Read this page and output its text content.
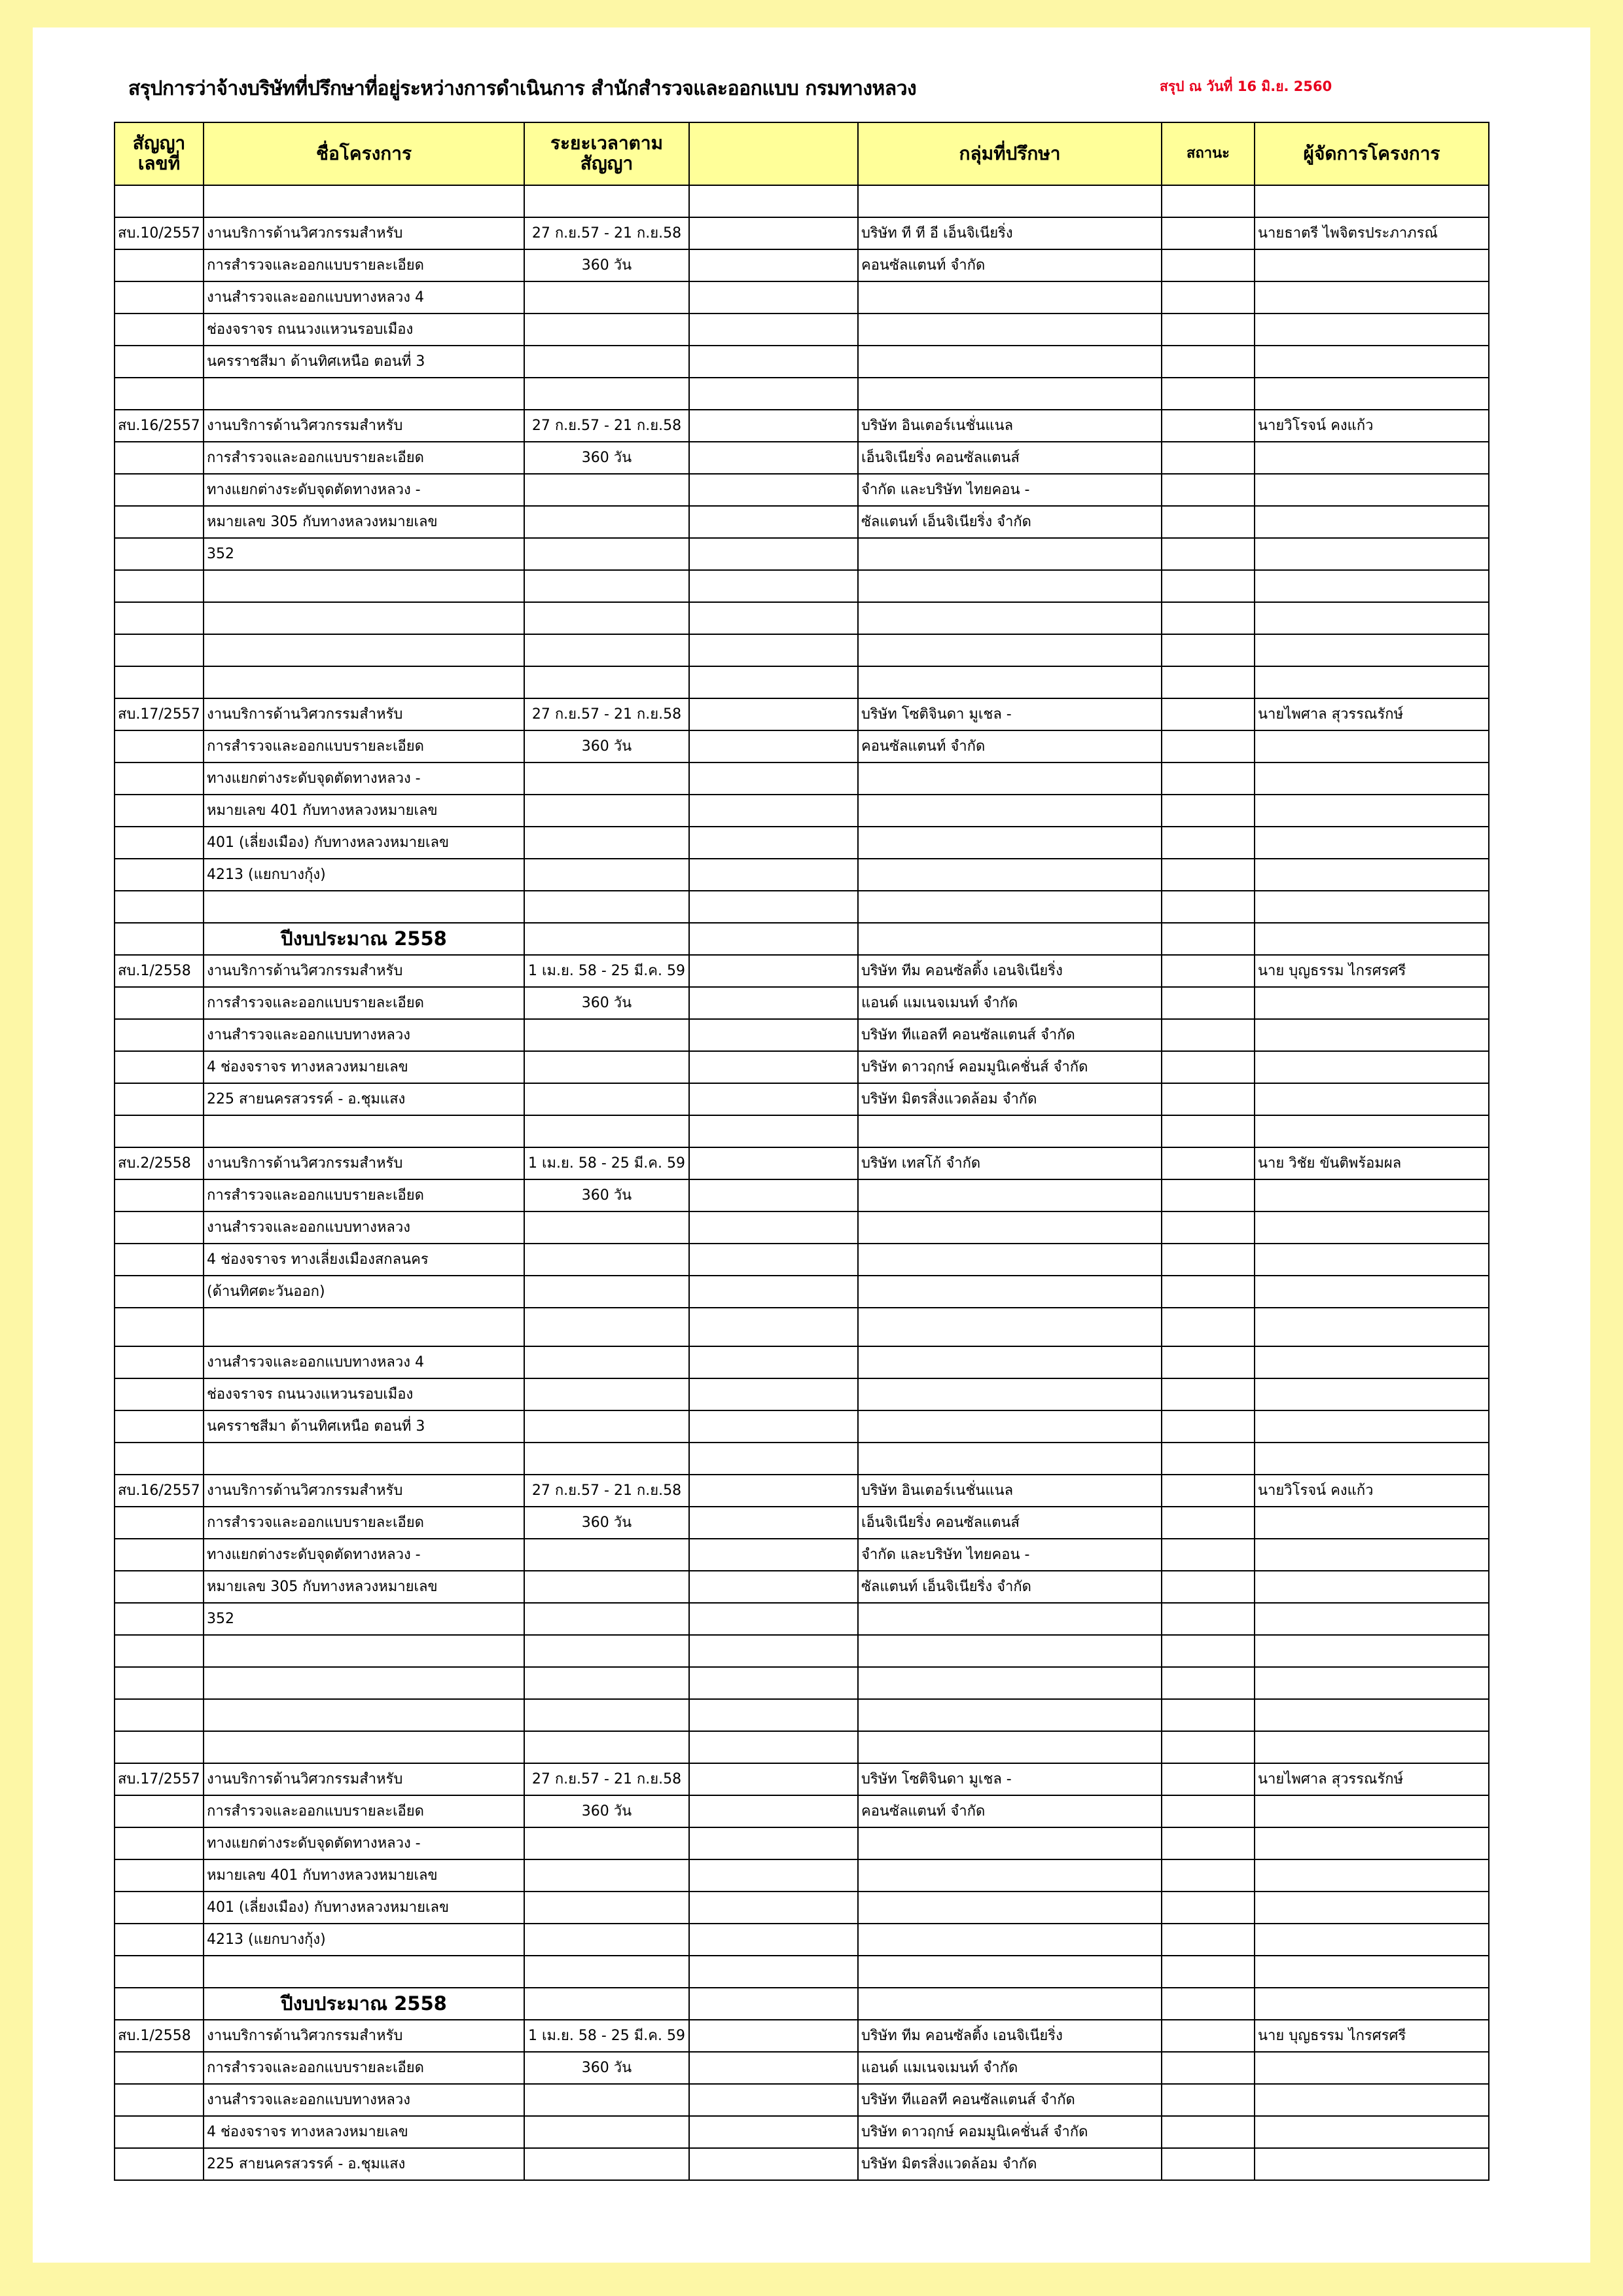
สรุปการว่าจ้างบริษัทที่ปรึกษาที่อยู่ระหว่างการดำเนินการ สำนักสำรวจและออกแบบ กรมทางหลวง	สรุป ณ วันที่ 16 มิ.ย. 2560
สัญญา เลขที่	ชื่อโครงการ	ระยะเวลาตามสัญญา		กลุ่มที่ปรึกษา	สถานะ	ผู้จัดการโครงการ

สบ.10/2557	งานบริการด้านวิศวกรรมสำหรับ	27 ก.ย.57 - 21 ก.ย.58		บริษัท ที ที อี เอ็นจิเนียริ่ง		นายธาตรี ไพจิตรประภาภรณ์
	การสำรวจและออกแบบรายละเอียด	360 วัน		คอนซัลแตนท์ จำกัด		
	งานสำรวจและออกแบบทางหลวง 4					
	ช่องจราจร ถนนวงแหวนรอบเมือง					
	นครราชสีมา ด้านทิศเหนือ ตอนที่ 3					

สบ.16/2557	งานบริการด้านวิศวกรรมสำหรับ	27 ก.ย.57 - 21 ก.ย.58		บริษัท อินเตอร์เนชั่นแนล		นายวิโรจน์ คงแก้ว
	การสำรวจและออกแบบรายละเอียด	360 วัน		เอ็นจิเนียริ่ง คอนซัลแตนส์		
	ทางแยกต่างระดับจุดตัดทางหลวง -			จำกัด และบริษัท ไทยคอน -		
	หมายเลข 305 กับทางหลวงหมายเลข			ซัลแตนท์ เอ็นจิเนียริ่ง จำกัด		
	352					

สบ.17/2557	งานบริการด้านวิศวกรรมสำหรับ	27 ก.ย.57 - 21 ก.ย.58		บริษัท โซติจินดา มูเชล -		นายไพศาล สุวรรณรักษ์
	การสำรวจและออกแบบรายละเอียด	360 วัน		คอนซัลแตนท์ จำกัด		
	ทางแยกต่างระดับจุดตัดทางหลวง -					
	หมายเลข 401 กับทางหลวงหมายเลข					
	401 (เลี่ยงเมือง) กับทางหลวงหมายเลข					
	4213 (แยกบางกุ้ง)					

	ปีงบประมาณ 2558					
สบ.1/2558	งานบริการด้านวิศวกรรมสำหรับ	1 เม.ย. 58 - 25 มี.ค. 59		บริษัท ทีม คอนซัลติ้ง เอนจิเนียริ่ง		นาย บุญธรรม ไกรศรศรี
	การสำรวจและออกแบบรายละเอียด	360 วัน		แอนด์ แมเนจเมนท์ จำกัด		
	งานสำรวจและออกแบบทางหลวง			บริษัท ทีแอลที คอนซัลแตนส์ จำกัด		
	4 ช่องจราจร ทางหลวงหมายเลข			บริษัท ดาวฤกษ์ คอมมูนิเคชั่นส์ จำกัด		
	225 สายนครสวรรค์ - อ.ชุมแสง			บริษัท มิตรสิ่งแวดล้อม จำกัด		

สบ.2/2558	งานบริการด้านวิศวกรรมสำหรับ	1 เม.ย. 58 - 25 มี.ค. 59		บริษัท เทสโก้ จำกัด		นาย วิชัย ขันติพร้อมผล
	การสำรวจและออกแบบรายละเอียด	360 วัน				
	งานสำรวจและออกแบบทางหลวง					
	4 ช่องจราจร ทางเลี่ยงเมืองสกลนคร					
	(ด้านทิศตะวันออก)					

	งานสำรวจและออกแบบทางหลวง 4					
	ช่องจราจร ถนนวงแหวนรอบเมือง					
	นครราชสีมา ด้านทิศเหนือ ตอนที่ 3					

สบ.16/2557	งานบริการด้านวิศวกรรมสำหรับ	27 ก.ย.57 - 21 ก.ย.58		บริษัท อินเตอร์เนชั่นแนล		นายวิโรจน์ คงแก้ว
	การสำรวจและออกแบบรายละเอียด	360 วัน		เอ็นจิเนียริ่ง คอนซัลแตนส์		
	ทางแยกต่างระดับจุดตัดทางหลวง -			จำกัด และบริษัท ไทยคอน -		
	หมายเลข 305 กับทางหลวงหมายเลข			ซัลแตนท์ เอ็นจิเนียริ่ง จำกัด		
	352					

สบ.17/2557	งานบริการด้านวิศวกรรมสำหรับ	27 ก.ย.57 - 21 ก.ย.58		บริษัท โซติจินดา มูเชล -		นายไพศาล สุวรรณรักษ์
	การสำรวจและออกแบบรายละเอียด	360 วัน		คอนซัลแตนท์ จำกัด		
	ทางแยกต่างระดับจุดตัดทางหลวง -					
	หมายเลข 401 กับทางหลวงหมายเลข					
	401 (เลี่ยงเมือง) กับทางหลวงหมายเลข					
	4213 (แยกบางกุ้ง)					

	ปีงบประมาณ 2558					
สบ.1/2558	งานบริการด้านวิศวกรรมสำหรับ	1 เม.ย. 58 - 25 มี.ค. 59		บริษัท ทีม คอนซัลติ้ง เอนจิเนียริ่ง		นาย บุญธรรม ไกรศรศรี
	การสำรวจและออกแบบรายละเอียด	360 วัน		แอนด์ แมเนจเมนท์ จำกัด		
	งานสำรวจและออกแบบทางหลวง			บริษัท ทีแอลที คอนซัลแตนส์ จำกัด		
	4 ช่องจราจร ทางหลวงหมายเลข			บริษัท ดาวฤกษ์ คอมมูนิเคชั่นส์ จำกัด		
	225 สายนครสวรรค์ - อ.ชุมแสง			บริษัท มิตรสิ่งแวดล้อม จำกัด		
